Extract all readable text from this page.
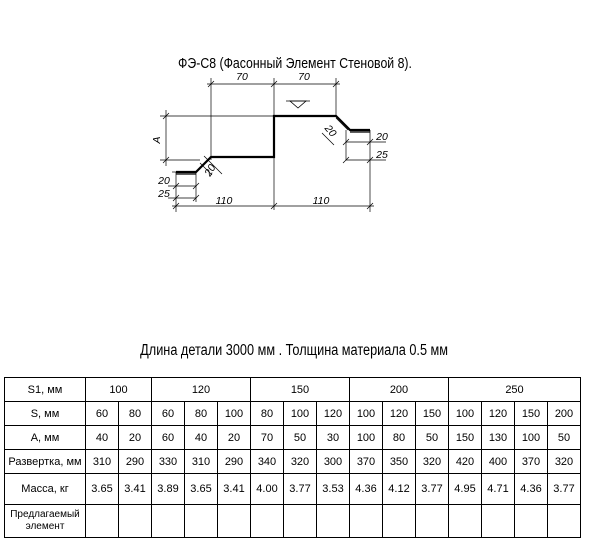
ФЭ-С8 (Фасонный Элемент Стеновой 8).
70	70
A
20
20
20
25
20
25
110	110
Длина детали 3000 мм . Толщина материала 0.5 мм
S1, мм	100		120			150			200			250			
S, мм	60	80	60	80	100	80	100	120	100	120	150	100	120	150	200
A, мм	40	20	60	40	20	70	50	30	100	80	50	150	130	100	50
Развертка, мм	310	290	330	310	290	340	320	300	370	350	320	420	400	370	320
Масса, кг	3.65	3.41	3.89	3.65	3.41	4.00	3.77	3.53	4.36	4.12	3.77	4.95	4.71	4.36	3.77
Предлагаемый
элемент															
